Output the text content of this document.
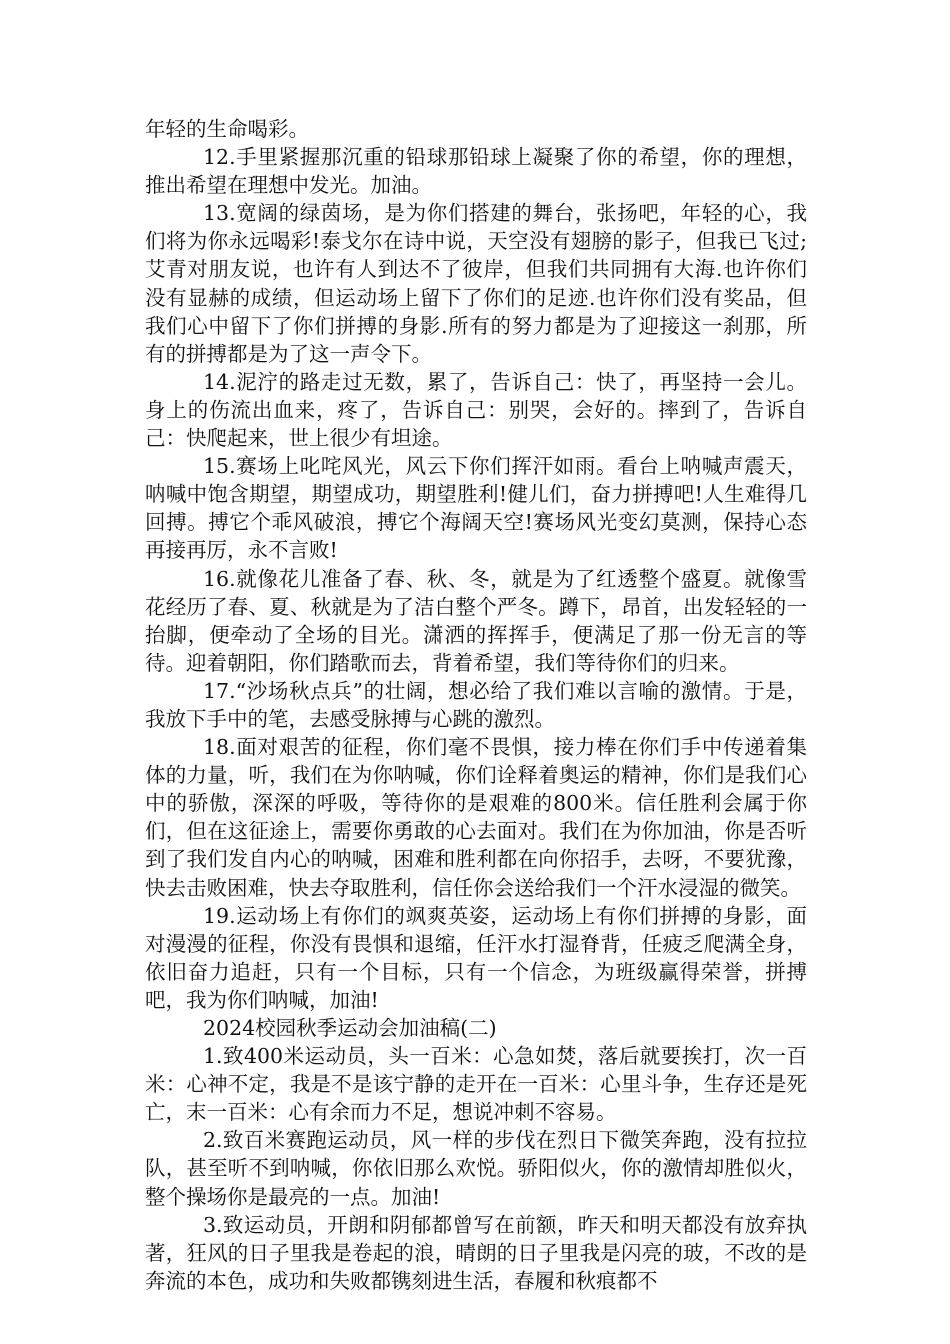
年轻的生命喝彩。

12.手里紧握那沉重的铅球那铅球上凝聚了你的希望，你的理想，推出希望在理想中发光。加油。

13.宽阔的绿茵场，是为你们搭建的舞台，张扬吧，年轻的心，我们将为你永远喝彩!泰戈尔在诗中说，天空没有翅膀的影子，但我已飞过;艾青对朋友说，也许有人到达不了彼岸，但我们共同拥有大海.也许你们没有显赫的成绩，但运动场上留下了你们的足迹.也许你们没有奖品，但我们心中留下了你们拼搏的身影.所有的努力都是为了迎接这一刹那，所有的拼搏都是为了这一声令下。

14.泥泞的路走过无数，累了，告诉自己：快了，再坚持一会儿。身上的伤流出血来，疼了，告诉自己：别哭，会好的。摔到了，告诉自己：快爬起来，世上很少有坦途。

15.赛场上叱咤风光，风云下你们挥汗如雨。看台上呐喊声震天，呐喊中饱含期望，期望成功，期望胜利!健儿们，奋力拼搏吧!人生难得几回搏。搏它个乖风破浪，搏它个海阔天空!赛场风光变幻莫测，保持心态再接再厉，永不言败!

16.就像花儿准备了春、秋、冬，就是为了红透整个盛夏。就像雪花经历了春、夏、秋就是为了洁白整个严冬。蹲下，昂首，出发轻轻的一抬脚，便牵动了全场的目光。潇洒的挥挥手，便满足了那一份无言的等待。迎着朝阳，你们踏歌而去，背着希望，我们等待你们的归来。

17.“沙场秋点兵”的壮阔，想必给了我们难以言喻的激情。于是，我放下手中的笔，去感受脉搏与心跳的激烈。

18.面对艰苦的征程，你们毫不畏惧，接力棒在你们手中传递着集体的力量，听，我们在为你呐喊，你们诠释着奥运的精神，你们是我们心中的骄傲，深深的呼吸，等待你的是艰难的800米。信任胜利会属于你们，但在这征途上，需要你勇敢的心去面对。我们在为你加油，你是否听到了我们发自内心的呐喊，困难和胜利都在向你招手，去呀，不要犹豫，快去击败困难，快去夺取胜利，信任你会送给我们一个汗水浸湿的微笑。

19.运动场上有你们的飒爽英姿，运动场上有你们拼搏的身影，面对漫漫的征程，你没有畏惧和退缩，任汗水打湿脊背，任疲乏爬满全身，依旧奋力追赶，只有一个目标，只有一个信念，为班级赢得荣誉，拼搏吧，我为你们呐喊，加油!

2024校园秋季运动会加油稿(二)

1.致400米运动员，头一百米：心急如焚，落后就要挨打，次一百米：心神不定，我是不是该宁静的走开在一百米：心里斗争，生存还是死亡，末一百米：心有余而力不足，想说冲刺不容易。

2.致百米赛跑运动员，风一样的步伐在烈日下微笑奔跑，没有拉拉队，甚至听不到呐喊，你依旧那么欢悦。骄阳似火，你的激情却胜似火，整个操场你是最亮的一点。加油!

3.致运动员，开朗和阴郁都曾写在前额，昨天和明天都没有放弃执著，狂风的日子里我是卷起的浪，晴朗的日子里我是闪亮的玻，不改的是奔流的本色，成功和失败都镌刻进生活，春履和秋痕都不
